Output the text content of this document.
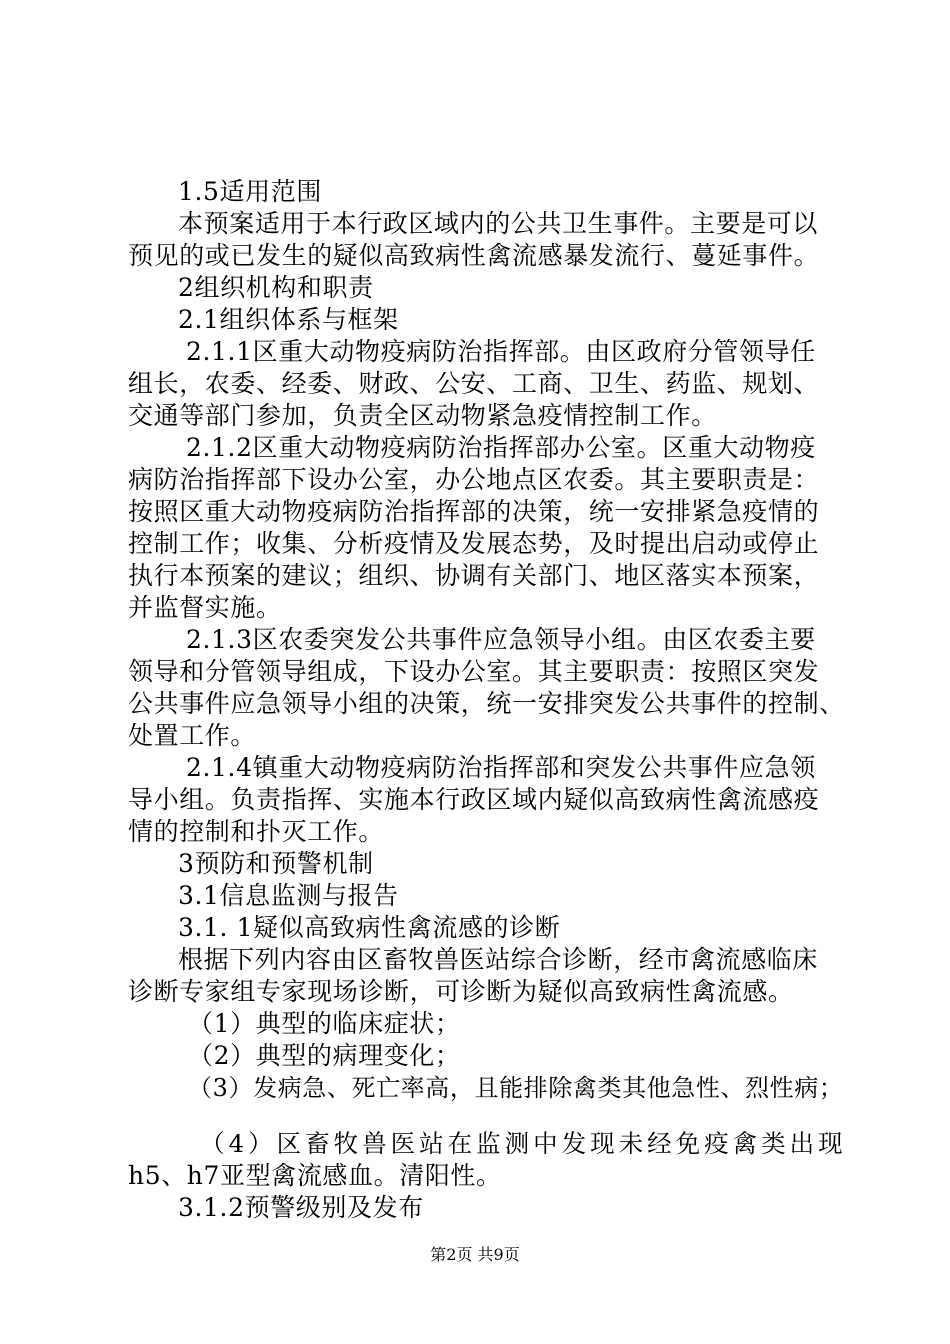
1.5适用范围
本预案适用于本行政区域内的公共卫生事件。主要是可以
预见的或已发生的疑似高致病性禽流感暴发流行、蔓延事件。
2组织机构和职责
2.1组织体系与框架
2.1.1区重大动物疫病防治指挥部。由区政府分管领导任
组长，农委、经委、财政、公安、工商、卫生、药监、规划、
交通等部门参加，负责全区动物紧急疫情控制工作。
2.1.2区重大动物疫病防治指挥部办公室。区重大动物疫
病防治指挥部下设办公室，办公地点区农委。其主要职责是：
按照区重大动物疫病防治指挥部的决策，统一安排紧急疫情的
控制工作；收集、分析疫情及发展态势，及时提出启动或停止
执行本预案的建议；组织、协调有关部门、地区落实本预案，
并监督实施。
2.1.3区农委突发公共事件应急领导小组。由区农委主要
领导和分管领导组成，下设办公室。其主要职责：按照区突发
公共事件应急领导小组的决策，统一安排突发公共事件的控制、
处置工作。
2.1.4镇重大动物疫病防治指挥部和突发公共事件应急领
导小组。负责指挥、实施本行政区域内疑似高致病性禽流感疫
情的控制和扑灭工作。
3预防和预警机制
3.1信息监测与报告
3.1. 1疑似高致病性禽流感的诊断
根据下列内容由区畜牧兽医站综合诊断，经市禽流感临床
诊断专家组专家现场诊断，可诊断为疑似高致病性禽流感。
（1）典型的临床症状；
（2）典型的病理变化；
（3）发病急、死亡率高，且能排除禽类其他急性、烈性病；
（4）区畜牧兽医站在监测中发现未经免疫禽类出现
h5、h7亚型禽流感血。清阳性。
3.1.2预警级别及发布
第2页 共9页
